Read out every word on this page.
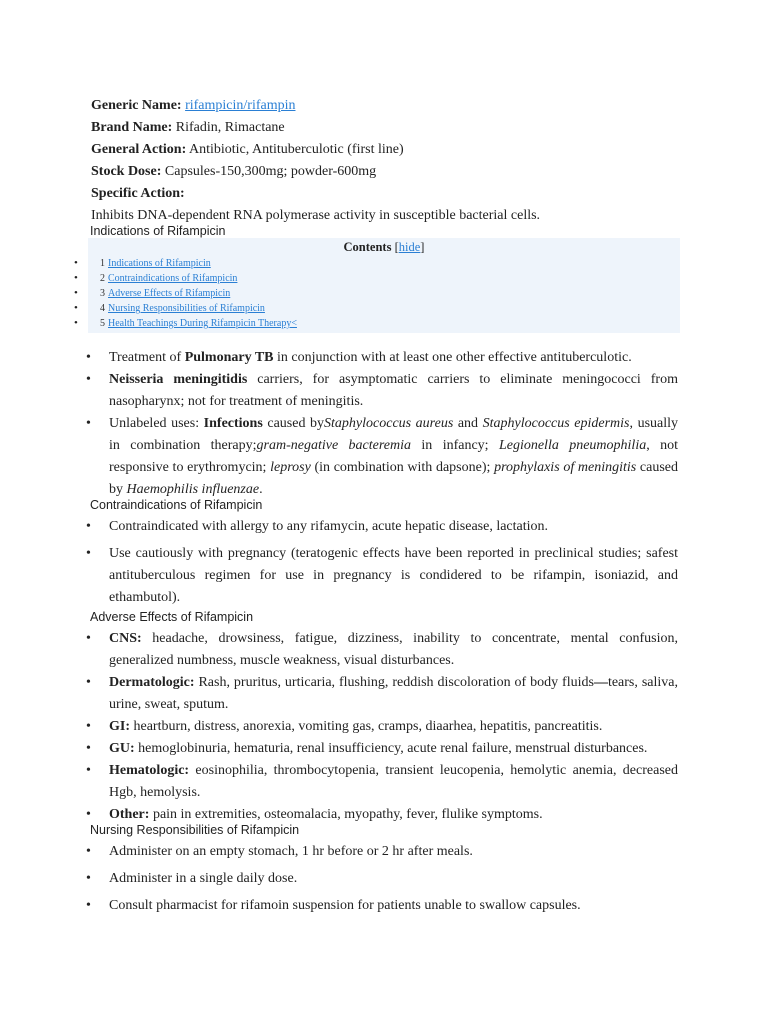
Generic Name: rifampicin/rifampin
Brand Name: Rifadin, Rimactane
General Action: Antibiotic, Antituberculotic (first line)
Stock Dose: Capsules-150,300mg; powder-600mg
Specific Action:
Inhibits DNA-dependent RNA polymerase activity in susceptible bacterial cells.
Indications of Rifampicin
Contents [hide]
• 1 Indications of Rifampicin
• 2 Contraindications of Rifampicin
• 3 Adverse Effects of Rifampicin
• 4 Nursing Responsibilities of Rifampicin
• 5 Health Teachings During Rifampicin Therapy<
• Treatment of Pulmonary TB in conjunction with at least one other effective antituberculotic.
• Neisseria meningitidis carriers, for asymptomatic carriers to eliminate meningococci from nasopharynx; not for treatment of meningitis.
• Unlabeled uses: Infections caused byStaphylococcus aureus and Staphylococcus epidermis, usually in combination therapy;gram-negative bacteremia in infancy; Legionella pneumophilia, not responsive to erythromycin; leprosy (in combination with dapsone); prophylaxis of meningitis caused by Haemophilis influenzae.
Contraindications of Rifampicin
• Contraindicated with allergy to any rifamycin, acute hepatic disease, lactation.
• Use cautiously with pregnancy (teratogenic effects have been reported in preclinical studies; safest antituberculous regimen for use in pregnancy is condidered to be rifampin, isoniazid, and ethambutol).
Adverse Effects of Rifampicin
• CNS: headache, drowsiness, fatigue, dizziness, inability to concentrate, mental confusion, generalized numbness, muscle weakness, visual disturbances.
• Dermatologic: Rash, pruritus, urticaria, flushing, reddish discoloration of body fluids—tears, saliva, urine, sweat, sputum.
• GI: heartburn, distress, anorexia, vomiting gas, cramps, diaarhea, hepatitis, pancreatitis.
• GU: hemoglobinuria, hematuria, renal insufficiency, acute renal failure, menstrual disturbances.
• Hematologic: eosinophilia, thrombocytopenia, transient leucopenia, hemolytic anemia, decreased Hgb, hemolysis.
• Other: pain in extremities, osteomalacia, myopathy, fever, flulike symptoms.
Nursing Responsibilities of Rifampicin
• Administer on an empty stomach, 1 hr before or 2 hr after meals.
• Administer in a single daily dose.
• Consult pharmacist for rifamoin suspension for patients unable to swallow capsules.
